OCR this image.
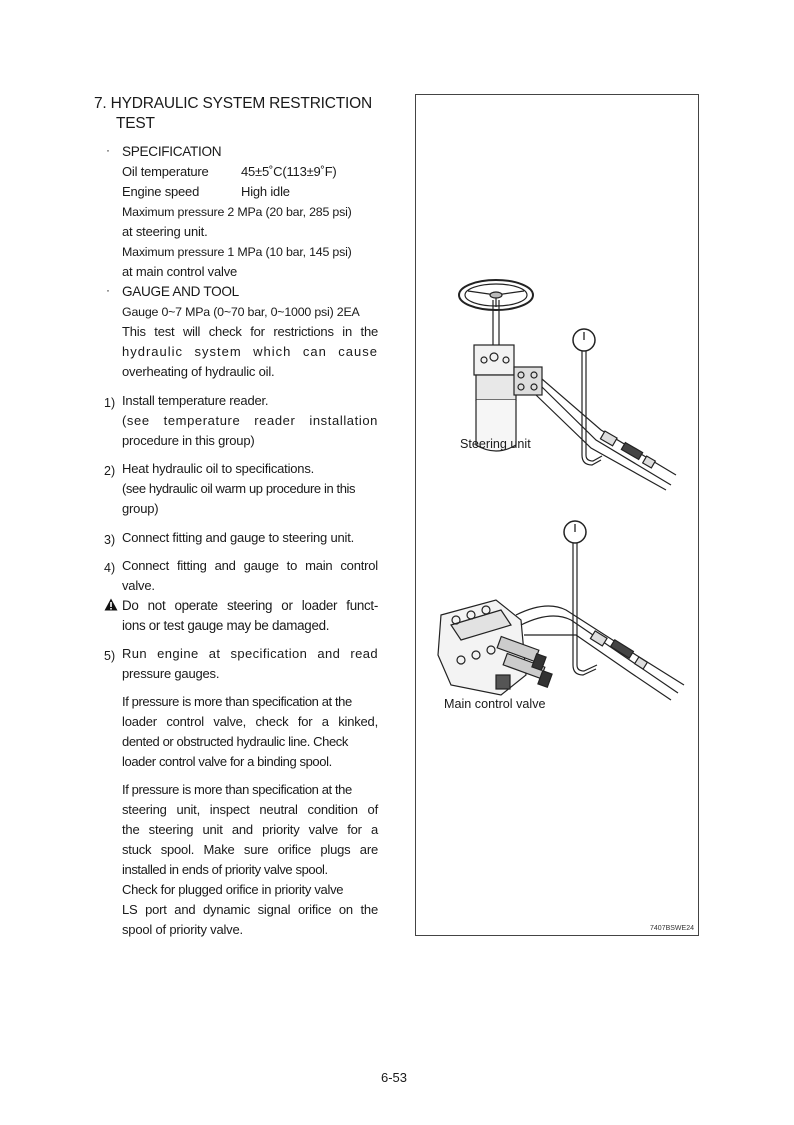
7. HYDRAULIC SYSTEM RESTRICTION
TEST
· SPECIFICATION
Oil temperature 45±5˚C(113±9˚F)
Engine speed	High idle
Maximum pressure 2 MPa (20 bar, 285 psi)
at steering unit.
Maximum pressure 1 MPa (10 bar, 145 psi)
at main control valve
· GAUGE AND TOOL
Gauge 0~7 MPa (0~70 bar, 0~1000 psi) 2EA
This test will check for restrictions in the
hydraulic system which can cause
overheating of hydraulic oil.
1) Install temperature reader.
(see temperature reader installation
procedure in this group)
2) Heat hydraulic oil to specifications.
(see hydraulic oil warm up procedure in this
group)
3) Connect fitting and gauge to steering unit.
4) Connect fitting and gauge to main control
valve.
Do not operate steering or loader funct-
ions or test gauge may be damaged.
5) Run engine at specification and read
pressure gauges.
If pressure is more than specification at the
loader control valve, check for a kinked,
dented or obstructed hydraulic line. Check
loader control valve for a binding spool.
If pressure is more than specification at the
steering unit, inspect neutral condition of
the steering unit and priority valve for a
stuck spool. Make sure orifice plugs are
installed in ends of priority valve spool.
Check for plugged orifice in priority valve
LS port and dynamic signal orifice on the
spool of priority valve.
Steering unit
Main control valve
7407BSWE24
6-53
